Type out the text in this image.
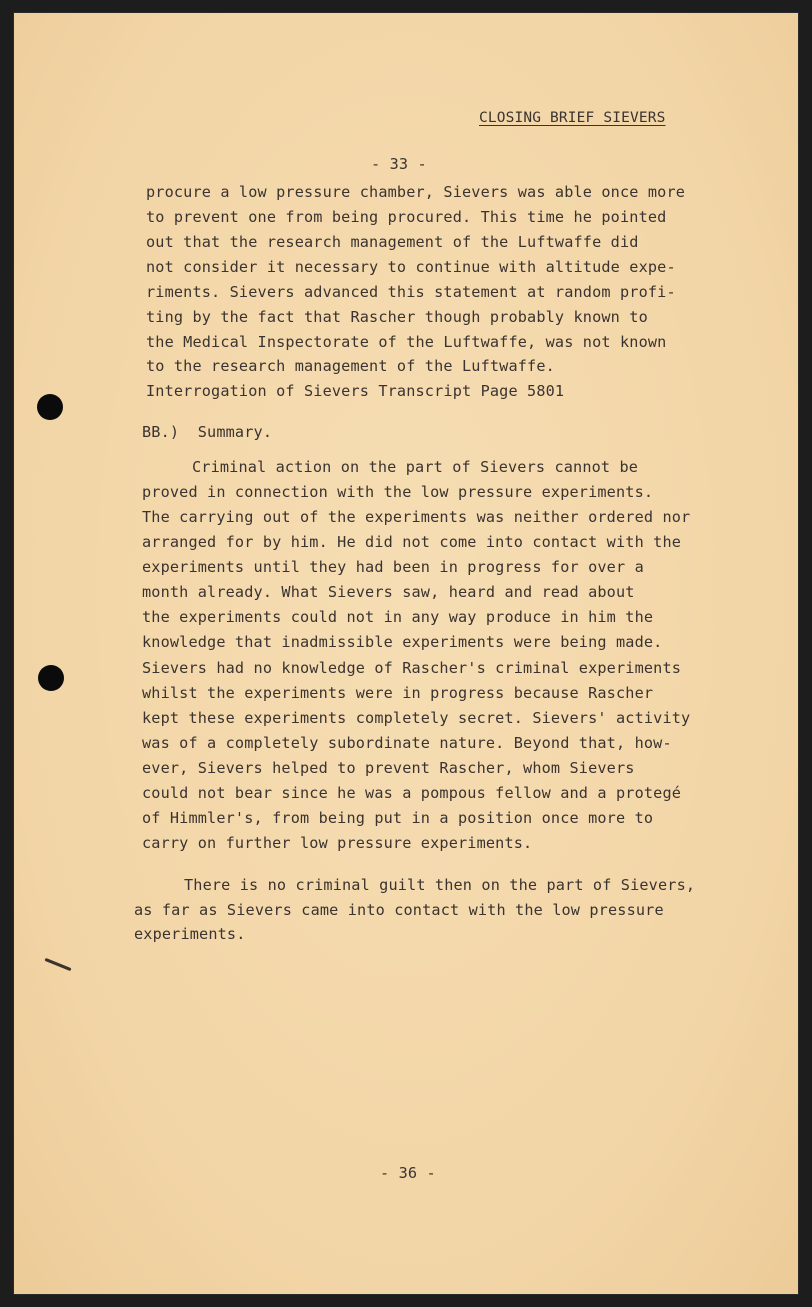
CLOSING BRIEF SIEVERS
- 33 -
procure a low pressure chamber, Sievers was able once more
to prevent one from being procured. This time he pointed
out that the research management of the Luftwaffe did
not consider it necessary to continue with altitude expe-
riments. Sievers advanced this statement at random profi-
ting by the fact that Rascher though probably known to
the Medical Inspectorate of the Luftwaffe, was not known
to the research management of the Luftwaffe.
Interrogation of Sievers Transcript Page 5801
BB.)  Summary.
Criminal action on the part of Sievers cannot be
proved in connection with the low pressure experiments.
The carrying out of the experiments was neither ordered nor
arranged for by him. He did not come into contact with the
experiments until they had been in progress for over a
month already. What Sievers saw, heard and read about
the experiments could not in any way produce in him the
knowledge that inadmissible experiments were being made.
Sievers had no knowledge of Rascher's criminal experiments
whilst the experiments were in progress because Rascher
kept these experiments completely secret. Sievers' activity
was of a completely subordinate nature. Beyond that, how-
ever, Sievers helped to prevent Rascher, whom Sievers
could not bear since he was a pompous fellow and a protegé
of Himmler's, from being put in a position once more to
carry on further low pressure experiments.
There is no criminal guilt then on the part of Sievers,
as far as Sievers came into contact with the low pressure
experiments.
- 36 -
